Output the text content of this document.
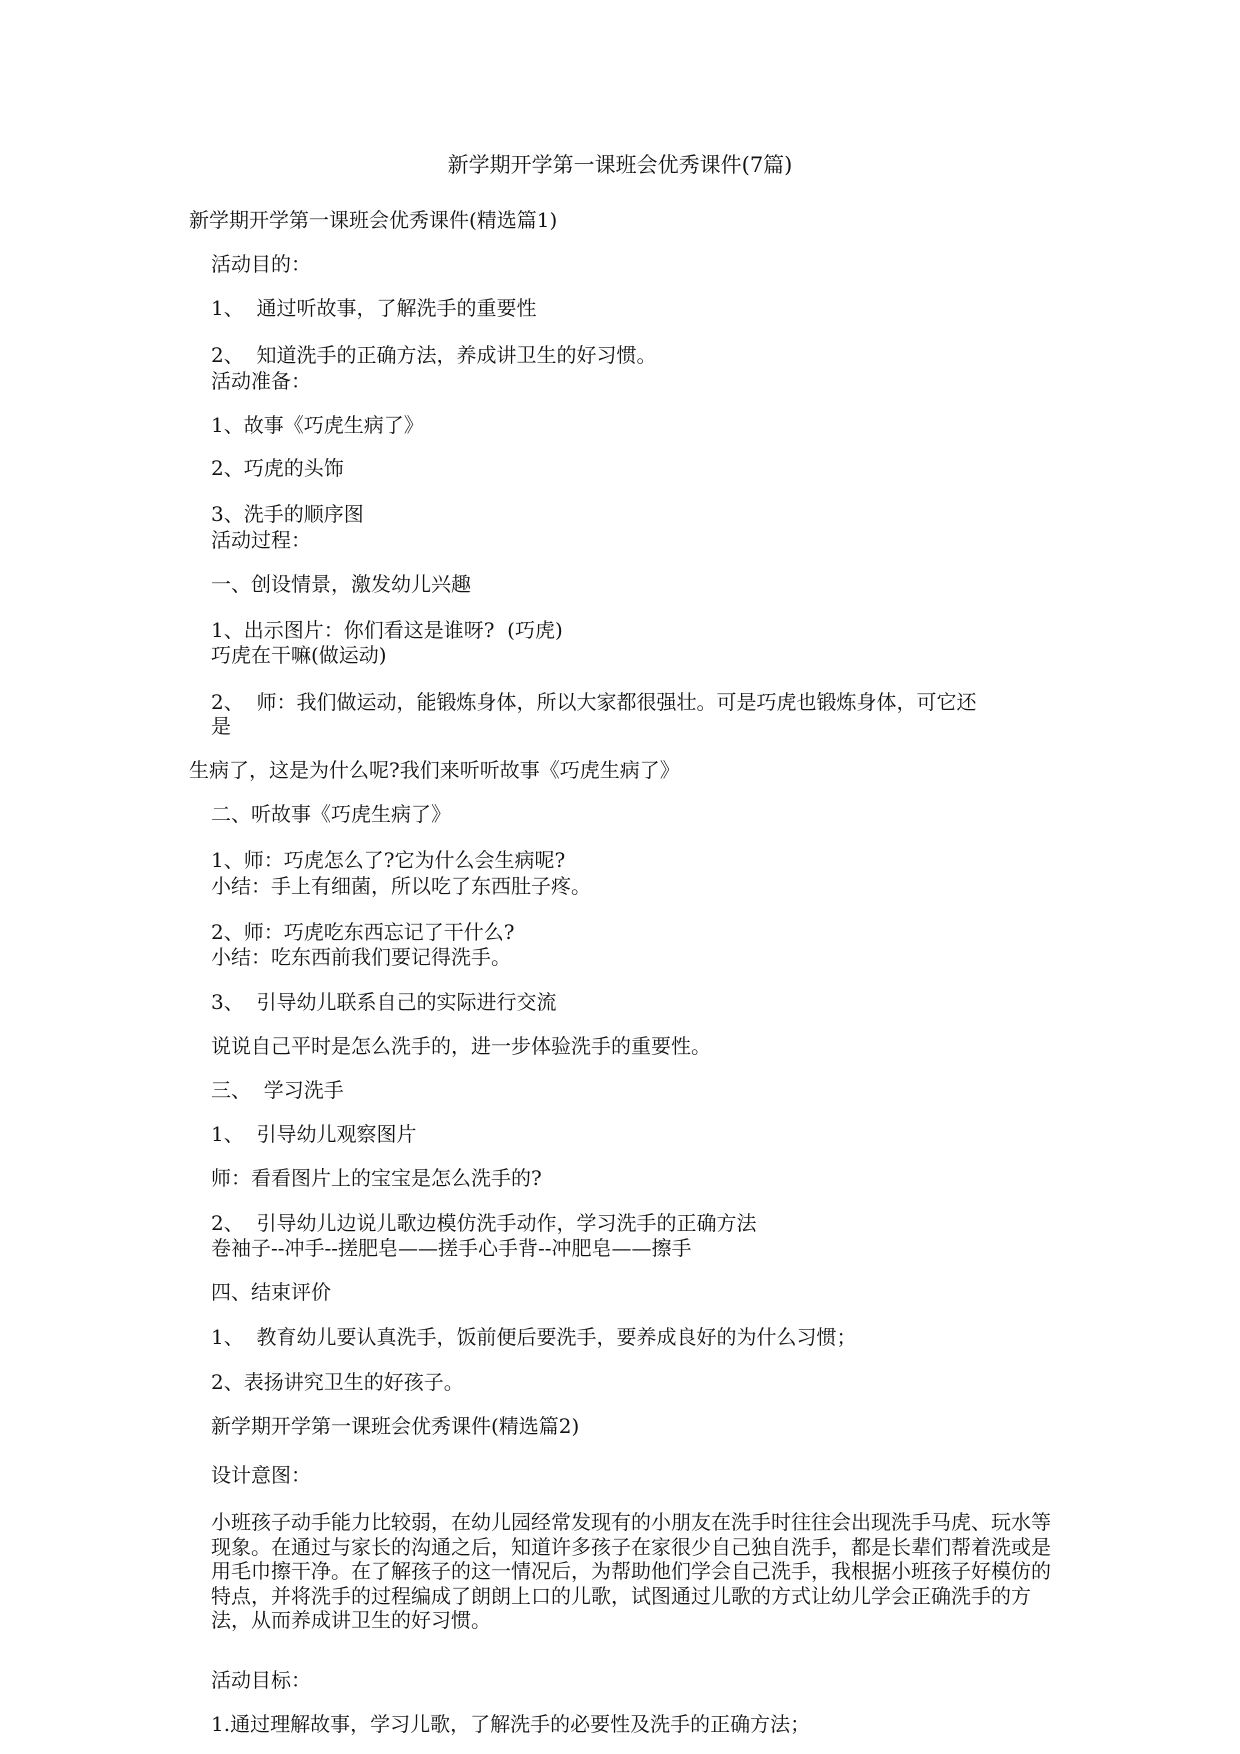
新学期开学第一课班会优秀课件(7篇)
新学期开学第一课班会优秀课件(精选篇1)
活动目的：
1、  通过听故事，了解洗手的重要性
2、  知道洗手的正确方法，养成讲卫生的好习惯。
活动准备：
1、故事《巧虎生病了》
2、巧虎的头饰
3、洗手的顺序图
活动过程：
一、创设情景，激发幼儿兴趣
1、出示图片：你们看这是谁呀?  (巧虎)
巧虎在干嘛(做运动)
2、  师：我们做运动，能锻炼身体，所以大家都很强壮。可是巧虎也锻炼身体，可它还
是
生病了，这是为什么呢?我们来听听故事《巧虎生病了》
二、听故事《巧虎生病了》
1、师：巧虎怎么了?它为什么会生病呢?
小结：手上有细菌，所以吃了东西肚子疼。
2、师：巧虎吃东西忘记了干什么?
小结：吃东西前我们要记得洗手。
3、  引导幼儿联系自己的实际进行交流
说说自己平时是怎么洗手的，进一步体验洗手的重要性。
三、  学习洗手
1、  引导幼儿观察图片
师：看看图片上的宝宝是怎么洗手的?
2、  引导幼儿边说儿歌边模仿洗手动作，学习洗手的正确方法
卷袖子--冲手--搓肥皂——搓手心手背--冲肥皂——擦手
四、结束评价
1、  教育幼儿要认真洗手，饭前便后要洗手，要养成良好的为什么习惯；
2、表扬讲究卫生的好孩子。
新学期开学第一课班会优秀课件(精选篇2)
设计意图：
小班孩子动手能力比较弱，在幼儿园经常发现有的小朋友在洗手时往往会出现洗手马虎、玩水等现象。在通过与家长的沟通之后，知道许多孩子在家很少自己独自洗手，都是长辈们帮着洗或是用毛巾擦干净。在了解孩子的这一情况后，为帮助他们学会自己洗手，我根据小班孩子好模仿的特点，并将洗手的过程编成了朗朗上口的儿歌，试图通过儿歌的方式让幼儿学会正确洗手的方法，从而养成讲卫生的好习惯。
活动目标：
1.通过理解故事，学习儿歌，了解洗手的必要性及洗手的正确方法；
